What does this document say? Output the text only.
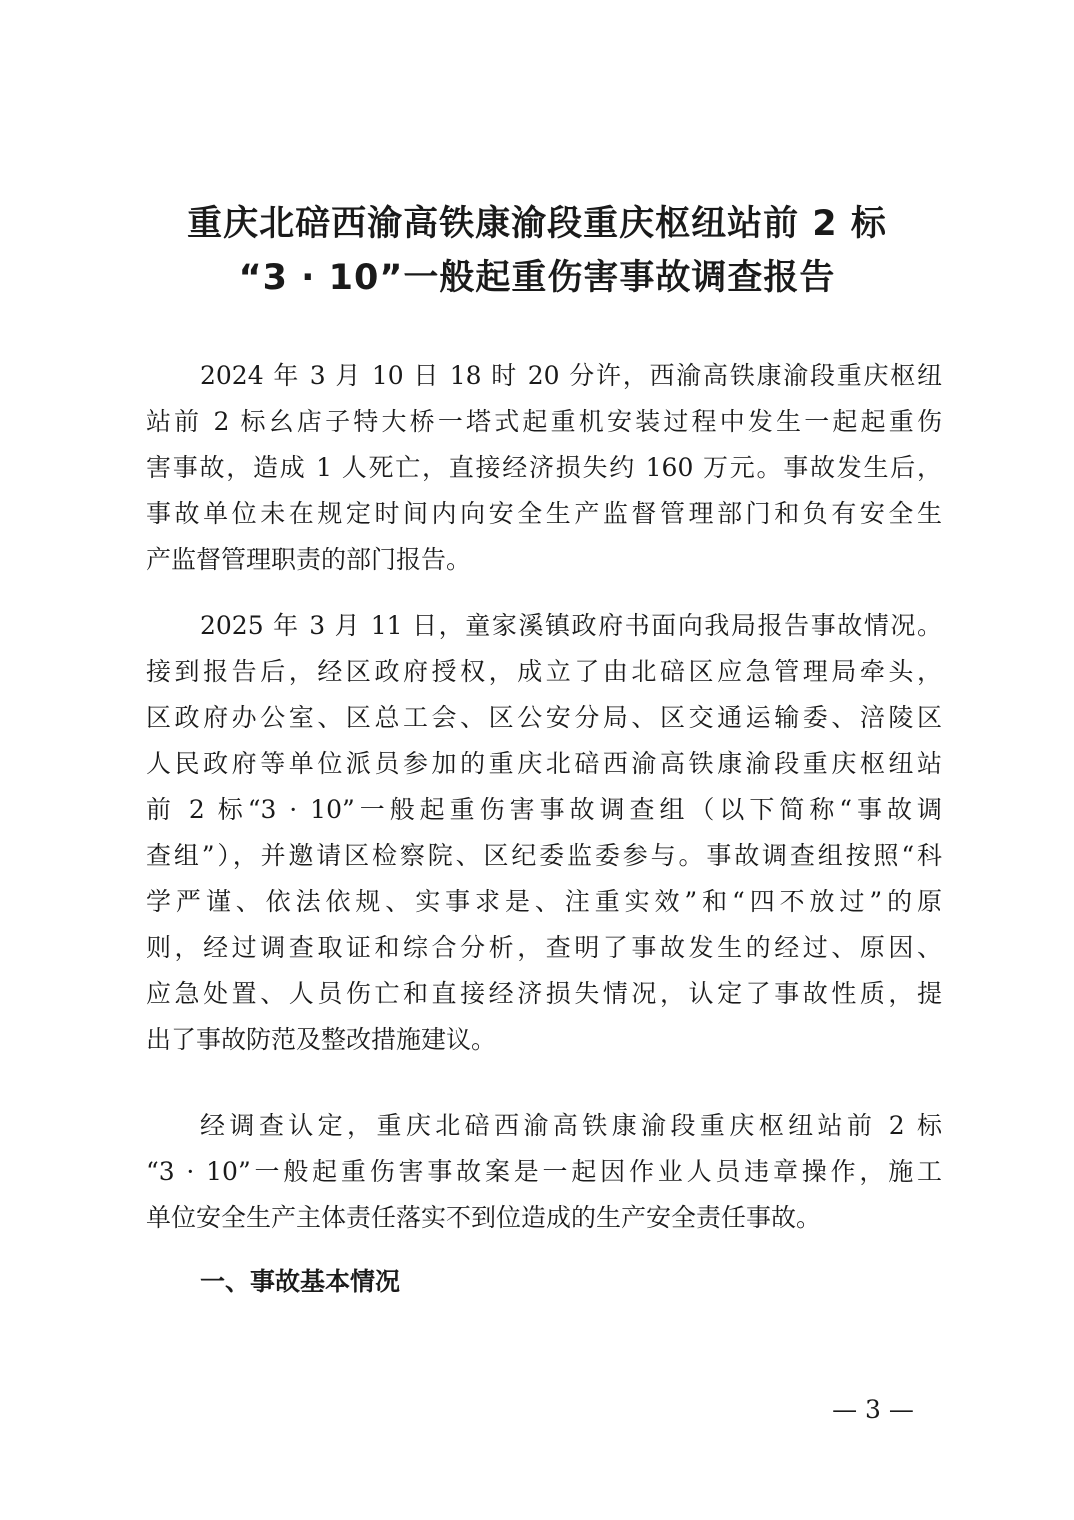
重庆北碚西渝高铁康渝段重庆枢纽站前 2 标
“3 · 10”一般起重伤害事故调查报告

2024 年 3 月 10 日 18 时 20 分许，西渝高铁康渝段重庆枢纽

站前 2 标幺店子特大桥一塔式起重机安装过程中发生一起起重伤

害事故，造成 1 人死亡，直接经济损失约 160 万元。事故发生后，

事故单位未在规定时间内向安全生产监督管理部门和负有安全生

产监督管理职责的部门报告。

2025 年 3 月 11 日，童家溪镇政府书面向我局报告事故情况。

接到报告后，经区政府授权，成立了由北碚区应急管理局牵头，

区政府办公室、区总工会、区公安分局、区交通运输委、涪陵区

人民政府等单位派员参加的重庆北碚西渝高铁康渝段重庆枢纽站

前 2 标“3 · 10”一般起重伤害事故调查组（以下简称“事故调

查组”），并邀请区检察院、区纪委监委参与。事故调查组按照“科

学严谨、依法依规、实事求是、注重实效”和“四不放过”的原

则，经过调查取证和综合分析，查明了事故发生的经过、原因、

应急处置、人员伤亡和直接经济损失情况，认定了事故性质，提

出了事故防范及整改措施建议。

经调查认定，重庆北碚西渝高铁康渝段重庆枢纽站前 2 标

“3 · 10”一般起重伤害事故案是一起因作业人员违章操作，施工

单位安全生产主体责任落实不到位造成的生产安全责任事故。

一、事故基本情况
— 3 —
